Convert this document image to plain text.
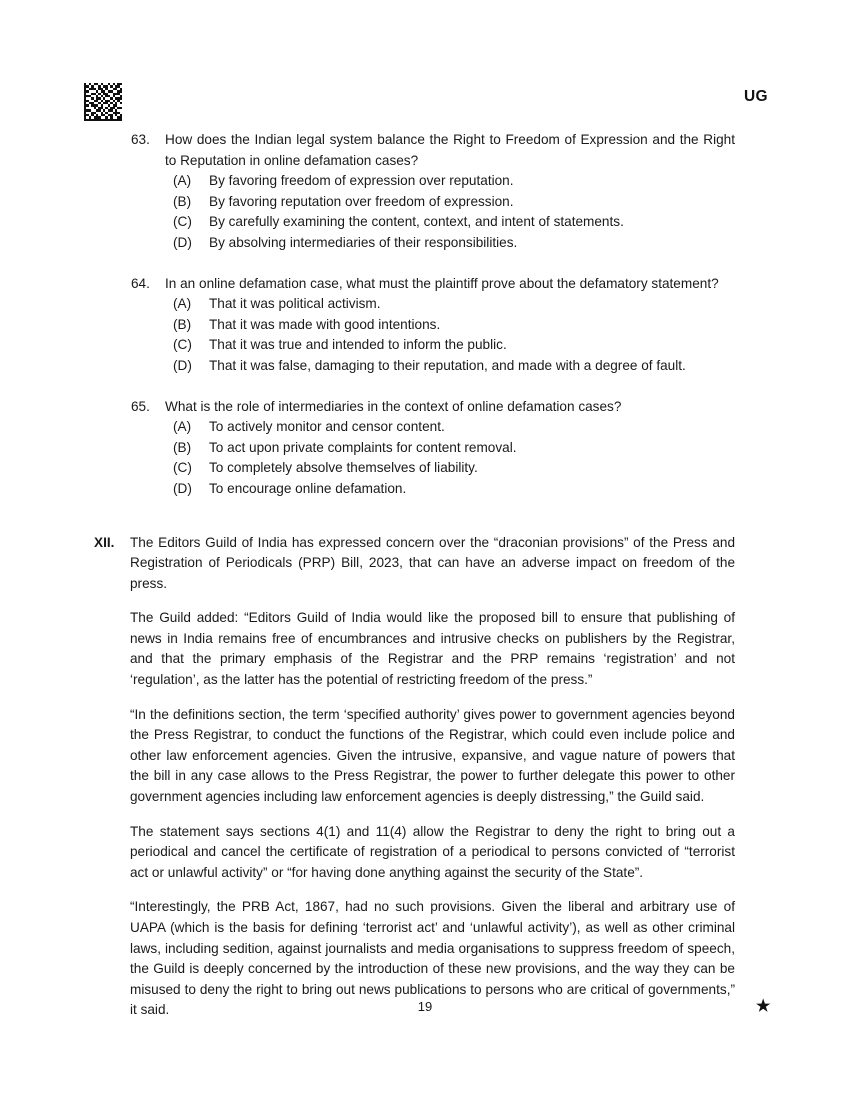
UG
63.	How does the Indian legal system balance the Right to Freedom of Expression and the Right to Reputation in online defamation cases?
(A)	By favoring freedom of expression over reputation.
(B)	By favoring reputation over freedom of expression.
(C)	By carefully examining the content, context, and intent of statements.
(D)	By absolving intermediaries of their responsibilities.
64.	In an online defamation case, what must the plaintiff prove about the defamatory statement?
(A)	That it was political activism.
(B)	That it was made with good intentions.
(C)	That it was true and intended to inform the public.
(D)	That it was false, damaging to their reputation, and made with a degree of fault.
65.	What is the role of intermediaries in the context of online defamation cases?
(A)	To actively monitor and censor content.
(B)	To act upon private complaints for content removal.
(C)	To completely absolve themselves of liability.
(D)	To encourage online defamation.
XII.	The Editors Guild of India has expressed concern over the “draconian provisions” of the Press and Registration of Periodicals (PRP) Bill, 2023, that can have an adverse impact on freedom of the press.

The Guild added: “Editors Guild of India would like the proposed bill to ensure that publishing of news in India remains free of encumbrances and intrusive checks on publishers by the Registrar, and that the primary emphasis of the Registrar and the PRP remains ‘registration’ and not ‘regulation’, as the latter has the potential of restricting freedom of the press.”

“In the definitions section, the term ‘specified authority’ gives power to government agencies beyond the Press Registrar, to conduct the functions of the Registrar, which could even include police and other law enforcement agencies. Given the intrusive, expansive, and vague nature of powers that the bill in any case allows to the Press Registrar, the power to further delegate this power to other government agencies including law enforcement agencies is deeply distressing,” the Guild said.

The statement says sections 4(1) and 11(4) allow the Registrar to deny the right to bring out a periodical and cancel the certificate of registration of a periodical to persons convicted of “terrorist act or unlawful activity” or “for having done anything against the security of the State”.

“Interestingly, the PRB Act, 1867, had no such provisions. Given the liberal and arbitrary use of UAPA (which is the basis for defining ‘terrorist act’ and ‘unlawful activity’), as well as other criminal laws, including sedition, against journalists and media organisations to suppress freedom of speech, the Guild is deeply concerned by the introduction of these new provisions, and the way they can be misused to deny the right to bring out news publications to persons who are critical of governments,” it said.	19	★
